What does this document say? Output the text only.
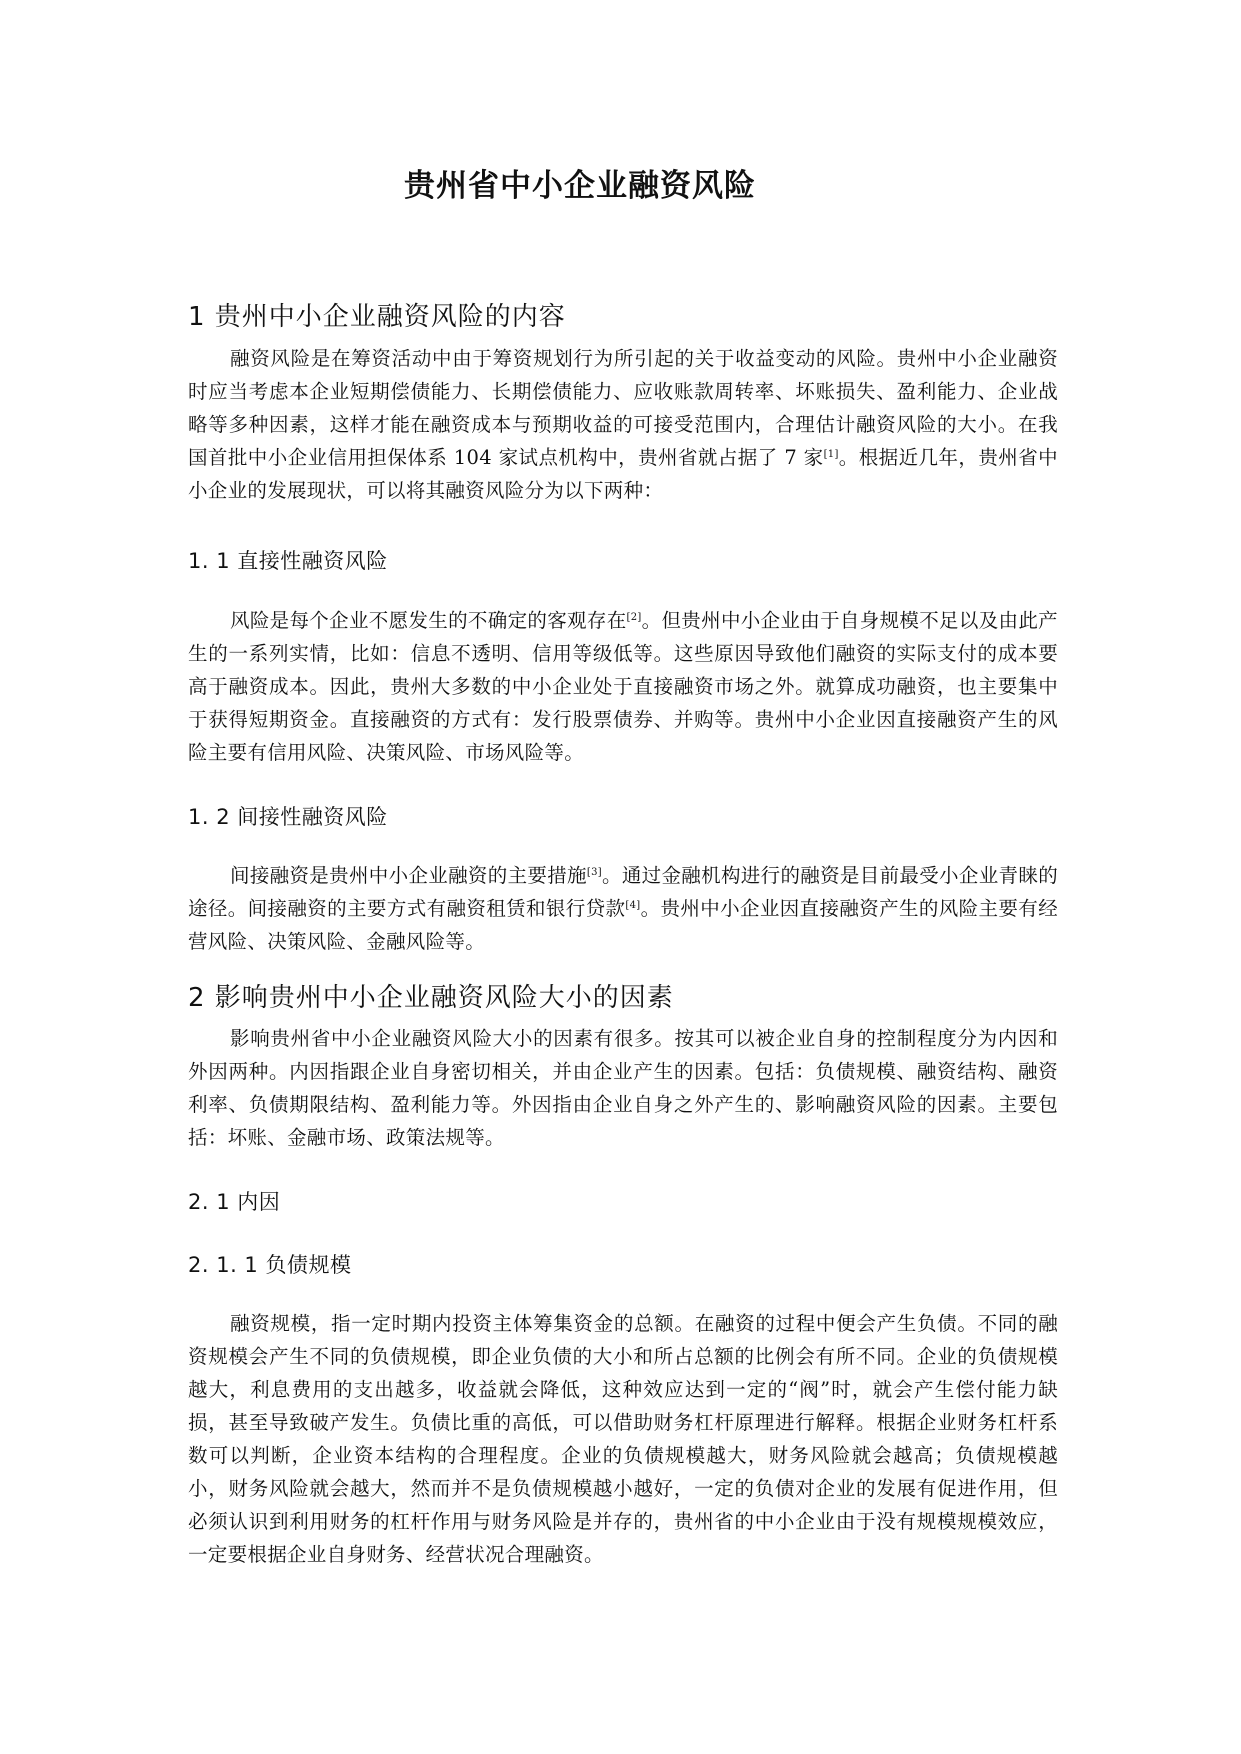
贵州省中小企业融资风险
1 贵州中小企业融资风险的内容
融资风险是在筹资活动中由于筹资规划行为所引起的关于收益变动的风险。贵州中小企业融资时应当考虑本企业短期偿债能力、长期偿债能力、应收账款周转率、坏账损失、盈利能力、企业战略等多种因素，这样才能在融资成本与预期收益的可接受范围内，合理估计融资风险的大小。在我国首批中小企业信用担保体系 104 家试点机构中，贵州省就占据了 7 家[1]。根据近几年，贵州省中小企业的发展现状，可以将其融资风险分为以下两种：
1. 1 直接性融资风险
风险是每个企业不愿发生的不确定的客观存在[2]。但贵州中小企业由于自身规模不足以及由此产生的一系列实情，比如：信息不透明、信用等级低等。这些原因导致他们融资的实际支付的成本要高于融资成本。因此，贵州大多数的中小企业处于直接融资市场之外。就算成功融资，也主要集中于获得短期资金。直接融资的方式有：发行股票债券、并购等。贵州中小企业因直接融资产生的风险主要有信用风险、决策风险、市场风险等。
1. 2 间接性融资风险
间接融资是贵州中小企业融资的主要措施[3]。通过金融机构进行的融资是目前最受小企业青睐的途径。间接融资的主要方式有融资租赁和银行贷款[4]。贵州中小企业因直接融资产生的风险主要有经营风险、决策风险、金融风险等。
2 影响贵州中小企业融资风险大小的因素
影响贵州省中小企业融资风险大小的因素有很多。按其可以被企业自身的控制程度分为内因和外因两种。内因指跟企业自身密切相关，并由企业产生的因素。包括：负债规模、融资结构、融资利率、负债期限结构、盈利能力等。外因指由企业自身之外产生的、影响融资风险的因素。主要包括：坏账、金融市场、政策法规等。
2. 1 内因
2. 1. 1 负债规模
融资规模，指一定时期内投资主体筹集资金的总额。在融资的过程中便会产生负债。不同的融资规模会产生不同的负债规模，即企业负债的大小和所占总额的比例会有所不同。企业的负债规模越大，利息费用的支出越多，收益就会降低，这种效应达到一定的“阀”时，就会产生偿付能力缺损，甚至导致破产发生。负债比重的高低，可以借助财务杠杆原理进行解释。根据企业财务杠杆系数可以判断，企业资本结构的合理程度。企业的负债规模越大，财务风险就会越高；负债规模越小，财务风险就会越大，然而并不是负债规模越小越好，一定的负债对企业的发展有促进作用，但必须认识到利用财务的杠杆作用与财务风险是并存的，贵州省的中小企业由于没有规模规模效应，一定要根据企业自身财务、经营状况合理融资。
